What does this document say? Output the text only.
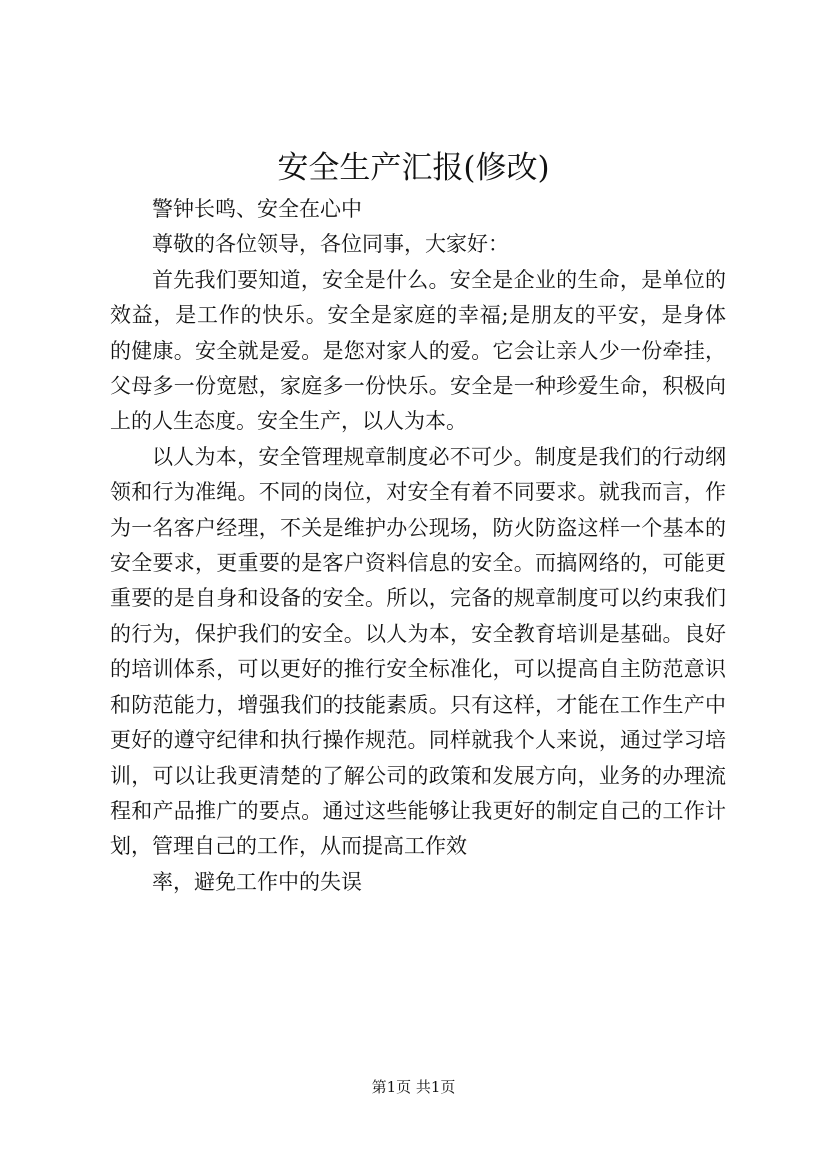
安全生产汇报(修改)

警钟长鸣、安全在心中

尊敬的各位领导，各位同事，大家好：

首先我们要知道，安全是什么。安全是企业的生命，是单位的效益，是工作的快乐。安全是家庭的幸福;是朋友的平安，是身体的健康。安全就是爱。是您对家人的爱。它会让亲人少一份牵挂，父母多一份宽慰，家庭多一份快乐。安全是一种珍爱生命，积极向上的人生态度。安全生产，以人为本。

以人为本，安全管理规章制度必不可少。制度是我们的行动纲领和行为准绳。不同的岗位，对安全有着不同要求。就我而言，作为一名客户经理，不关是维护办公现场，防火防盗这样一个基本的安全要求，更重要的是客户资料信息的安全。而搞网络的，可能更重要的是自身和设备的安全。所以，完备的规章制度可以约束我们的行为，保护我们的安全。以人为本，安全教育培训是基础。良好的培训体系，可以更好的推行安全标准化，可以提高自主防范意识和防范能力，增强我们的技能素质。只有这样，才能在工作生产中更好的遵守纪律和执行操作规范。同样就我个人来说，通过学习培训，可以让我更清楚的了解公司的政策和发展方向，业务的办理流程和产品推广的要点。通过这些能够让我更好的制定自己的工作计划，管理自己的工作，从而提高工作效

率，避免工作中的失误

第1页 共1页
